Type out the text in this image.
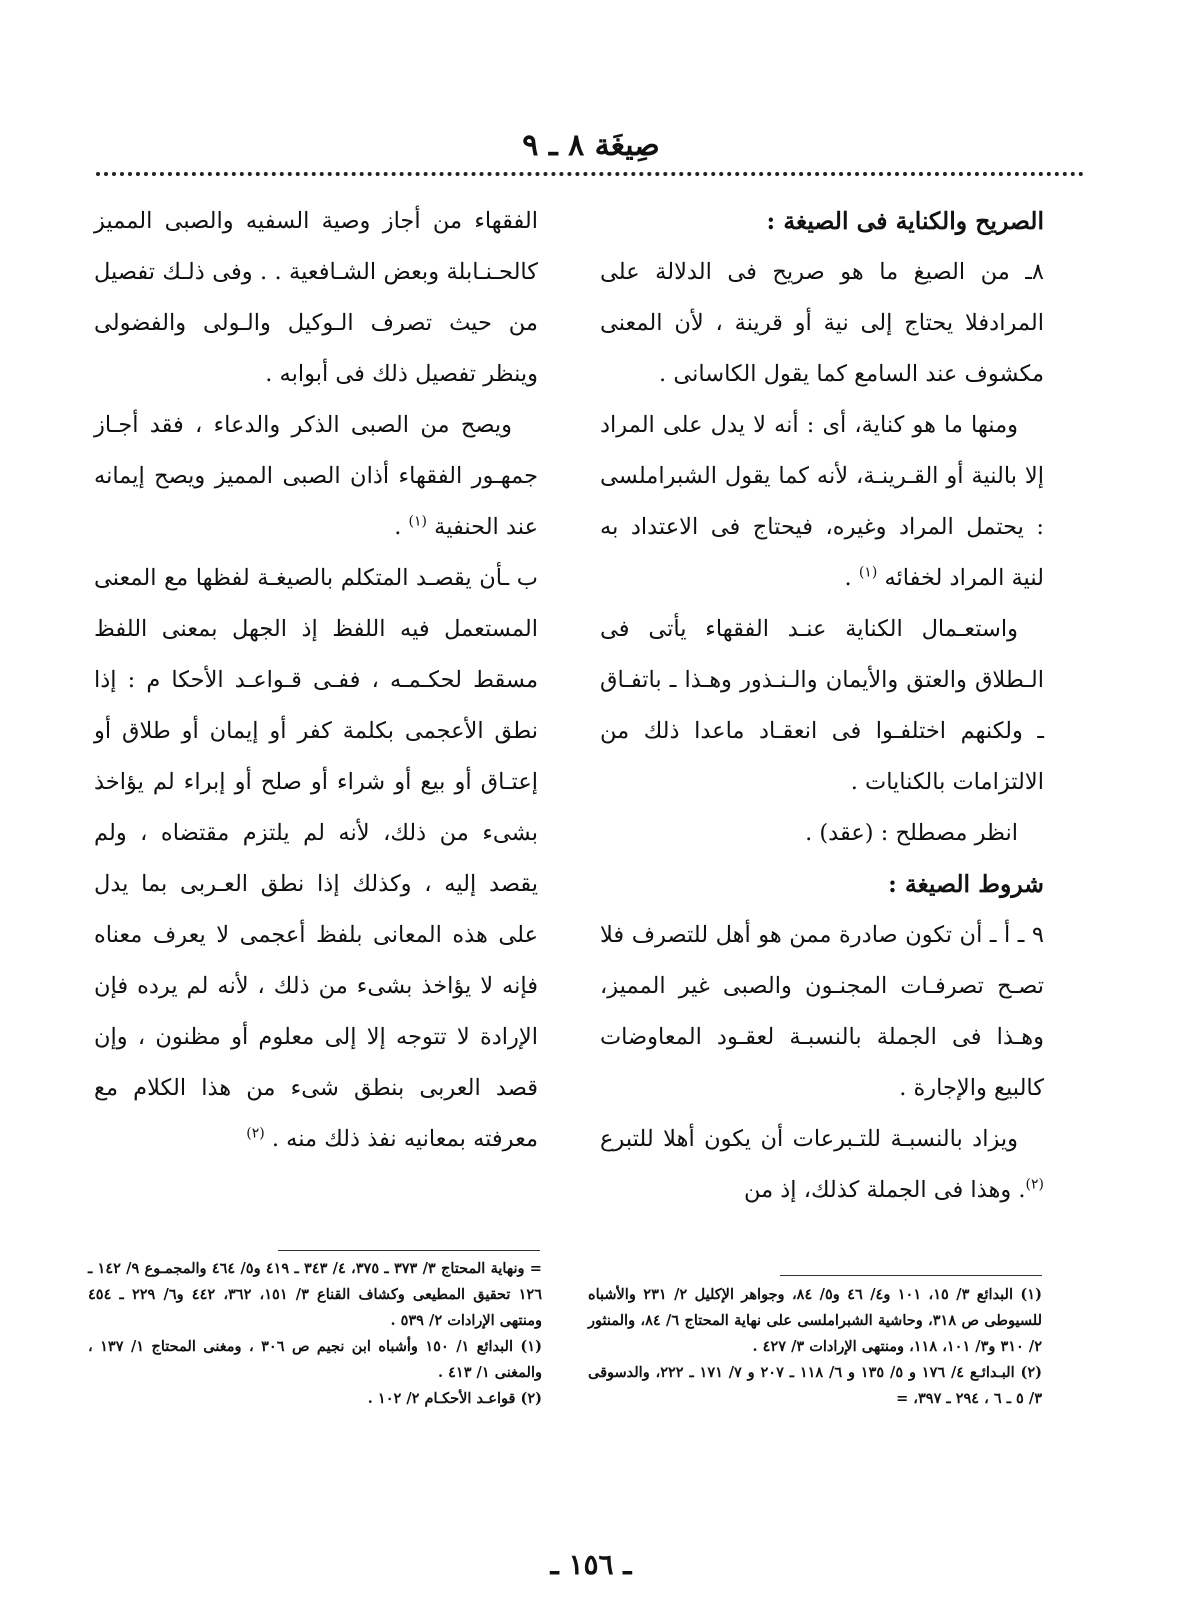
صِيغَة ٨ ـ ٩

الصريح والكناية فى الصيغة :

٨ـ من الصيغ ما هو صريح فى الدلالة على المرادفلا يحتاج إلى نية أو قرينة ، لأن المعنى مكشوف عند السامع كما يقول الكاسانى .

ومنها ما هو كناية، أى : أنه لا يدل على المراد إلا بالنية أو القـرينـة، لأنه كما يقول الشبراملسى : يحتمل المراد وغيره، فيحتاج فى الاعتداد به لنية المراد لخفائه $^{(١)}$ .

واستعـمال الكناية عنـد الفقهاء يأتى فى الـطلاق والعتق والأيمان والـنـذور وهـذا ـ باتفـاق ـ ولكنهم اختلفـوا فى انعقـاد ماعدا ذلك من الالتزامات بالكنايات .

انظر مصطلح : (عقد) .

شروط الصيغة :

٩ ـ أ ـ أن تكون صادرة ممن هو أهل للتصرف فلا تصـح تصرفـات المجنـون والصبى غير المميز، وهـذا فى الجملة بالنسبـة لعقـود المعاوضات كالبيع والإجارة .

ويزاد بالنسبـة للتـبرعات أن يكون أهلا للتبرع $^{(٢)}$. وهذا فى الجملة كذلك، إذ من

الفقهاء من أجاز وصية السفيه والصبى المميز كالحـنـابلة وبعض الشـافعية . . وفى ذلـك تفصيل من حيث تصرف الـوكيل والـولى والفضولى وينظر تفصيل ذلك فى أبوابه .

ويصح من الصبى الذكر والدعاء ، فقد أجـاز جمهـور الفقهاء أذان الصبى المميز ويصح إيمانه عند الحنفية $^{(١)}$ .

ب ـأن يقصـد المتكلم بالصيغـة لفظها مع المعنى المستعمل فيه اللفظ إذ الجهل بمعنى اللفظ مسقط لحكـمـه ، ففـى قـواعـد الأحكا م : إذا نطق الأعجمى بكلمة كفر أو إيمان أو طلاق أو إعتـاق أو بيع أو شراء أو صلح أو إبراء لم يؤاخذ بشىء من ذلك، لأنه لم يلتزم مقتضاه ، ولم يقصد إليه ، وكذلك إذا نطق العـربى بما يدل على هذه المعانى بلفظ أعجمى لا يعرف معناه فإنه لا يؤاخذ بشىء من ذلك ، لأنه لم يرده فإن الإرادة لا تتوجه إلا إلى معلوم أو مظنون ، وإن قصد العربى بنطق شىء من هذا الكلام مع معرفته بمعانيه نفذ ذلك منه . $^{(٢)}$

(١) البدائع ٣/ ١٥، ١٠١ و٤/ ٤٦ و٥/ ٨٤، وجواهر الإكليل ٢/ ٢٣١ والأشباه للسيوطى ص ٣١٨، وحاشية الشبراملسى على نهاية المحتاج ٦/ ٨٤، والمنثور ٢/ ٣١٠ و٣/ ١٠١، ١١٨، ومنتهى الإرادات ٣/ ٤٢٧ .

(٢) البـدائـع ٤/ ١٧٦ و ٥/ ١٣٥ و ٦/ ١١٨ ـ ٢٠٧ و ٧/ ١٧١ ـ ٢٢٢، والدسوقى ٣/ ٥ ـ ٦ ، ٢٩٤ ـ ٣٩٧، =

= ونهاية المحتاج ٣/ ٣٧٣ ـ ٣٧٥، ٤/ ٣٤٣ ـ ٤١٩ و٥/ ٤٦٤ والمجمـوع ٩/ ١٤٢ ـ ١٢٦ تحقيق المطيعى وكشاف القناع ٣/ ١٥١، ٣٦٢، ٤٤٢ و٦/ ٢٢٩ ـ ٤٥٤ ومنتهى الإرادات ٢/ ٥٣٩ .

(١) البدائع ١/ ١٥٠ وأشباه ابن نجيم ص ٣٠٦ ، ومغنى المحتاج ١/ ١٣٧ ، والمغنى ١/ ٤١٣ .

(٢) قواعـد الأحكـام ٢/ ١٠٢ .

ـ ١٥٦ ـ
